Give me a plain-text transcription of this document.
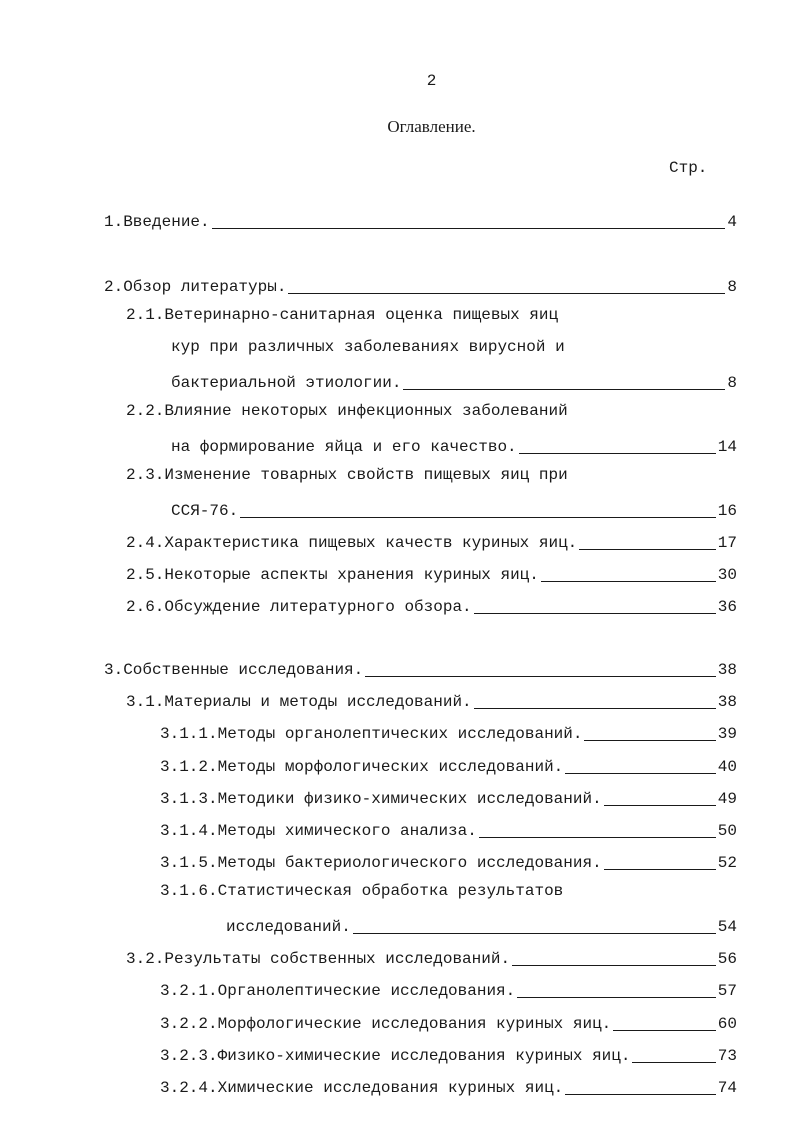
2
Оглавление.
Стр.
1.Введение.	4
2.Обзор литературы.	8
2.1.Ветеринарно-санитарная оценка пищевых яиц
кур при различных заболеваниях вирусной и
бактериальной этиологии.	8
2.2.Влияние некоторых инфекционных заболеваний
на формирование яйца и его качество.	14
2.3.Изменение товарных свойств пищевых яиц при
ССЯ-76.	16
2.4.Характеристика пищевых качеств куриных яиц.	17
2.5.Некоторые аспекты хранения куриных яиц.	30
2.6.Обсуждение литературного обзора.	36
3.Собственные исследования.	38
3.1.Материалы и методы исследований.	38
3.1.1.Методы органолептических исследований.	39
3.1.2.Методы морфологических исследований.	40
3.1.3.Методики физико-химических исследований.	49
3.1.4.Методы химического анализа.	50
3.1.5.Методы бактериологического исследования.	52
3.1.6.Статистическая обработка результатов
исследований.	54
3.2.Результаты собственных исследований.	56
3.2.1.Органолептические исследования.	57
3.2.2.Морфологические исследования куриных яиц.	60
3.2.3.Физико-химические исследования куриных яиц.	73
3.2.4.Химические исследования куриных яиц.	74
